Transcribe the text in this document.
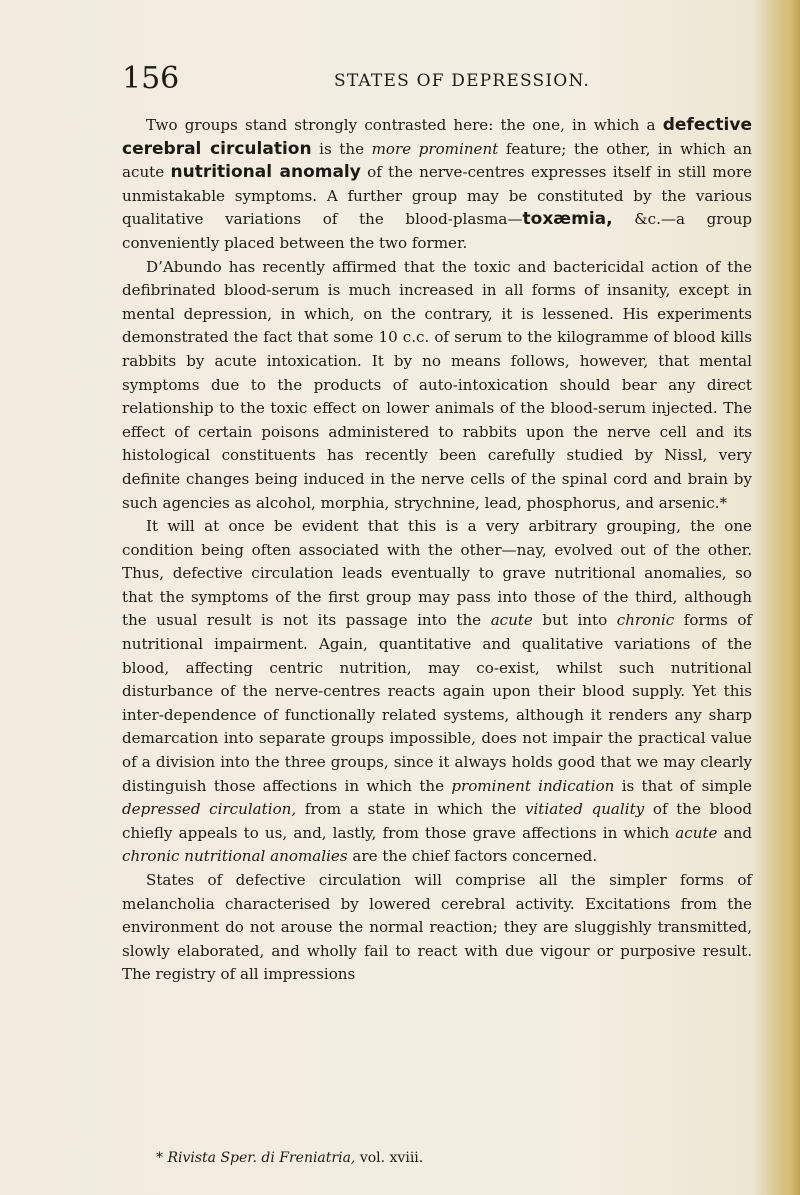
156	STATES OF DEPRESSION.

Two groups stand strongly contrasted here: the one, in which a defective cerebral circulation is the more prominent feature; the other, in which an acute nutritional anomaly of the nerve-centres expresses itself in still more unmistakable symptoms. A further group may be constituted by the various qualitative variations of the blood-plasma—toxæmia, &c.—a group conveniently placed between the two former.

D’Abundo has recently affirmed that the toxic and bactericidal action of the defibrinated blood-serum is much increased in all forms of insanity, except in mental depression, in which, on the contrary, it is lessened. His experiments demonstrated the fact that some 10 c.c. of serum to the kilogramme of blood kills rabbits by acute intoxication. It by no means follows, however, that mental symptoms due to the products of auto-intoxication should bear any direct relationship to the toxic effect on lower animals of the blood-serum injected. The effect of certain poisons administered to rabbits upon the nerve cell and its histological constituents has recently been carefully studied by Nissl, very definite changes being induced in the nerve cells of the spinal cord and brain by such agencies as alcohol, morphia, strychnine, lead, phosphorus, and arsenic.*

It will at once be evident that this is a very arbitrary grouping, the one condition being often associated with the other—nay, evolved out of the other. Thus, defective circulation leads eventually to grave nutritional anomalies, so that the symptoms of the first group may pass into those of the third, although the usual result is not its passage into the acute but into chronic forms of nutritional impairment. Again, quantitative and qualitative variations of the blood, affecting centric nutrition, may co-exist, whilst such nutritional disturbance of the nerve-centres reacts again upon their blood supply. Yet this inter-dependence of functionally related systems, although it renders any sharp demarcation into separate groups impossible, does not impair the practical value of a division into the three groups, since it always holds good that we may clearly distinguish those affections in which the prominent indication is that of simple depressed circulation, from a state in which the vitiated quality of the blood chiefly appeals to us, and, lastly, from those grave affections in which acute and chronic nutritional anomalies are the chief factors concerned.

States of defective circulation will comprise all the simpler forms of melancholia characterised by lowered cerebral activity. Excitations from the environment do not arouse the normal reaction; they are sluggishly transmitted, slowly elaborated, and wholly fail to react with due vigour or purposive result. The registry of all impressions

* Rivista Sper. di Freniatria, vol. xviii.
